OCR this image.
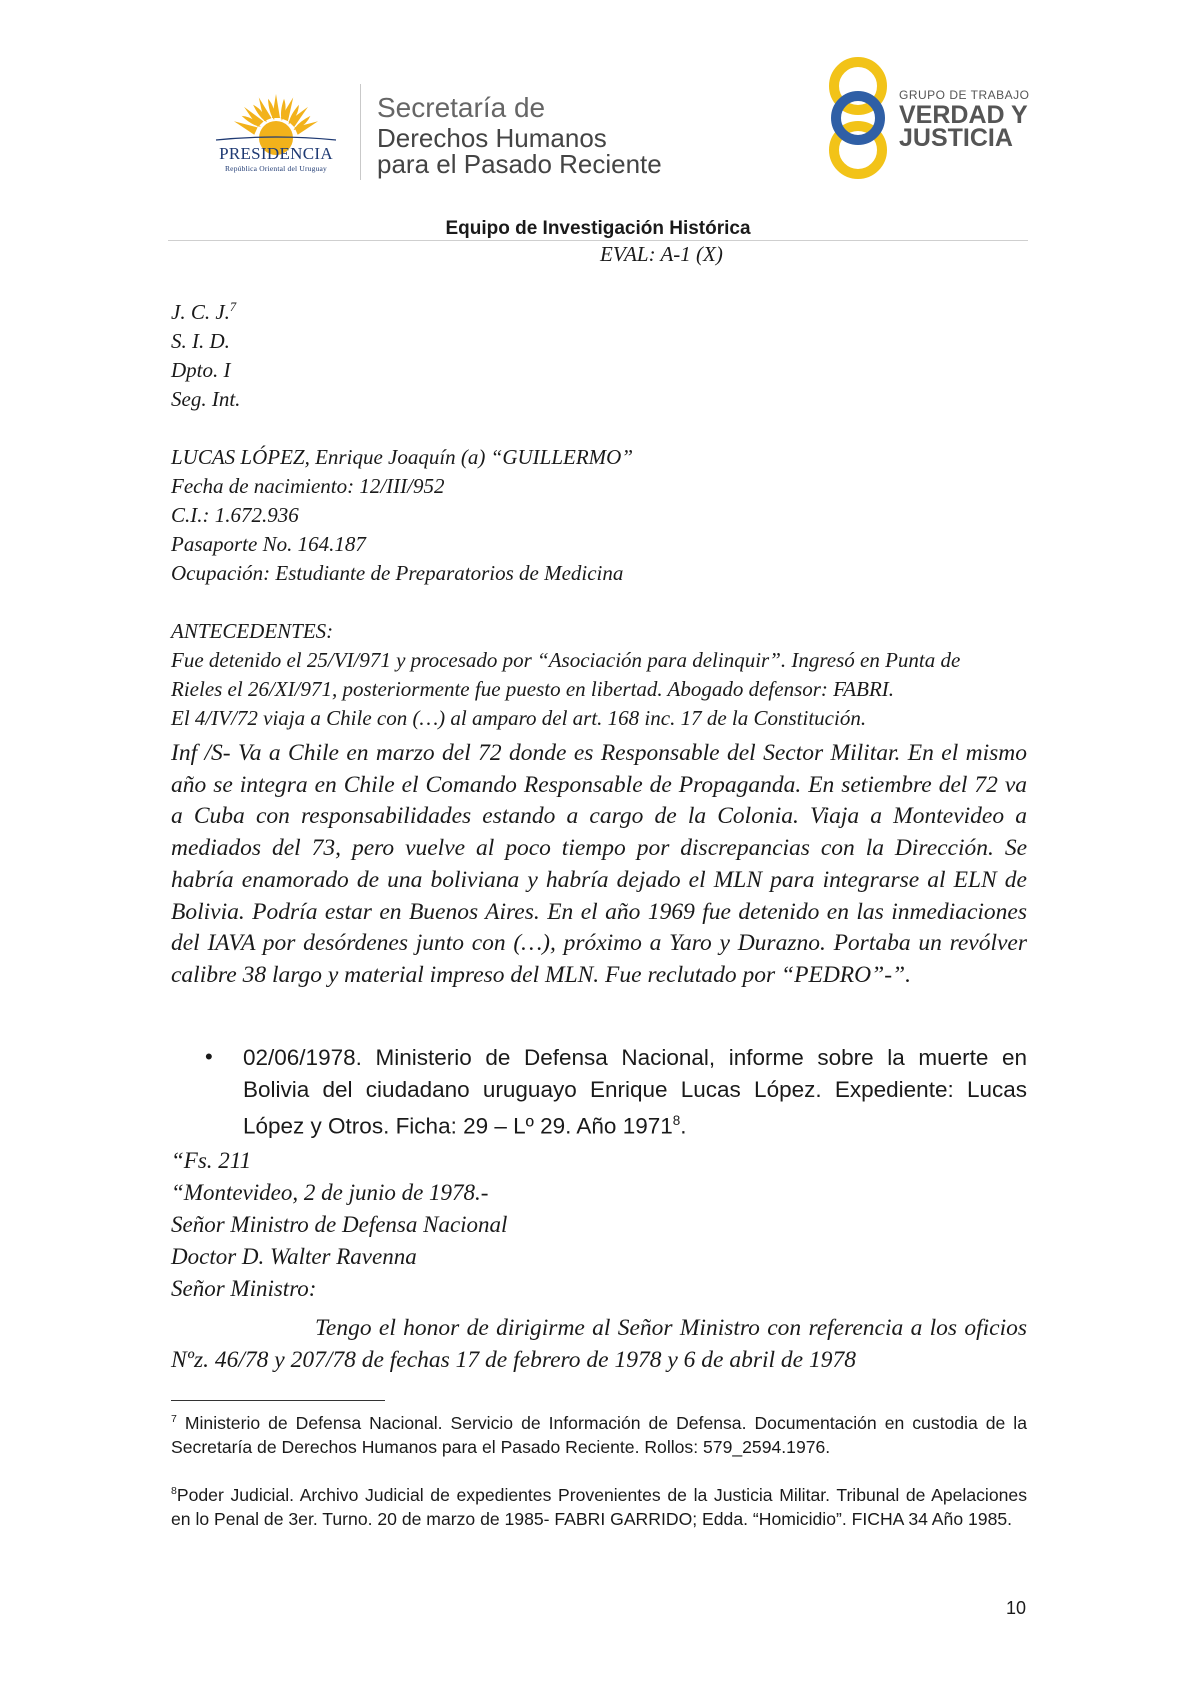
PRESIDENCIA
República Oriental del Uruguay
Secretaría de
Derechos Humanos
para el Pasado Reciente
GRUPO DE TRABAJO
VERDAD Y
JUSTICIA
Equipo de Investigación Histórica
EVAL: A-1 (X)
J. C. J.$^7$
S. I. D.
Dpto. I
Seg. Int.
LUCAS LÓPEZ, Enrique Joaquín (a) “GUILLERMO”
Fecha de nacimiento: 12/III/952
C.I.: 1.672.936
Pasaporte No. 164.187
Ocupación: Estudiante de Preparatorios de Medicina
ANTECEDENTES:
Fue detenido el 25/VI/971 y procesado por “Asociación para delinquir”. Ingresó en Punta de
Rieles el 26/XI/971, posteriormente fue puesto en libertad. Abogado defensor: FABRI.
El 4/IV/72 viaja a Chile con (…) al amparo del art. 168 inc. 17 de la Constitución.
Inf /S- Va a Chile en marzo del 72 donde es Responsable del Sector Militar. En el mismo año se integra en Chile el Comando Responsable de Propaganda. En setiembre del 72 va a Cuba con responsabilidades estando a cargo de la Colonia. Viaja a Montevideo a mediados del 73, pero vuelve al poco tiempo por discrepancias con la Dirección. Se habría enamorado de una boliviana y habría dejado el MLN para integrarse al ELN de Bolivia. Podría estar en Buenos Aires. En el año 1969 fue detenido en las inmediaciones del IAVA por desórdenes junto con (…), próximo a Yaro y Durazno. Portaba un revólver calibre 38 largo y material impreso del MLN. Fue reclutado por “PEDRO”-”.
• 02/06/1978. Ministerio de Defensa Nacional, informe sobre la muerte en Bolivia del ciudadano uruguayo Enrique Lucas López. Expediente: Lucas López y Otros. Ficha: 29 – Lº 29. Año 1971$^8$.
“Fs. 211
“Montevideo, 2 de junio de 1978.-
Señor Ministro de Defensa Nacional
Doctor D. Walter Ravenna
Señor Ministro:
Tengo el honor de dirigirme al Señor Ministro con referencia a los oficios Nºz. 46/78 y 207/78 de fechas 17 de febrero de 1978 y 6 de abril de 1978
$^7$ Ministerio de Defensa Nacional. Servicio de Información de Defensa. Documentación en custodia de la Secretaría de Derechos Humanos para el Pasado Reciente. Rollos: 579_2594.1976.
$^8$Poder Judicial. Archivo Judicial de expedientes Provenientes de la Justicia Militar. Tribunal de Apelaciones en lo Penal de 3er. Turno. 20 de marzo de 1985- FABRI GARRIDO; Edda. “Homicidio”. FICHA 34 Año 1985.
10
